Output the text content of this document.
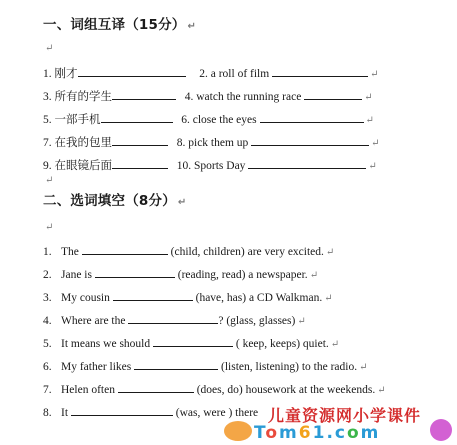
一、词组互译（15分） ↵
↵
1. 刚才	2. a roll of film	↵
3. 所有的学生	4. watch the running race	↵
5. 一部手机	6. close the eyes	↵
7. 在我的包里	8. pick them up	↵
9. 在眼镜后面	10. Sports Day	↵
↵
二、选词填空（8分） ↵
↵
1. The	(child, children) are very excited. ↵
2. Jane is	(reading, read) a newspaper. ↵
3. My cousin	(have, has) a CD Walkman. ↵
4. Where are the	? (glass, glasses) ↵
5. It means we should	( keep, keeps) quiet. ↵
6. My father likes	(listen, listening) to the radio. ↵
7. Helen often	(does, do) housework at the weekends. ↵
8. It	(was, were ) there 儿童资源网小学课件
Tom61.com
